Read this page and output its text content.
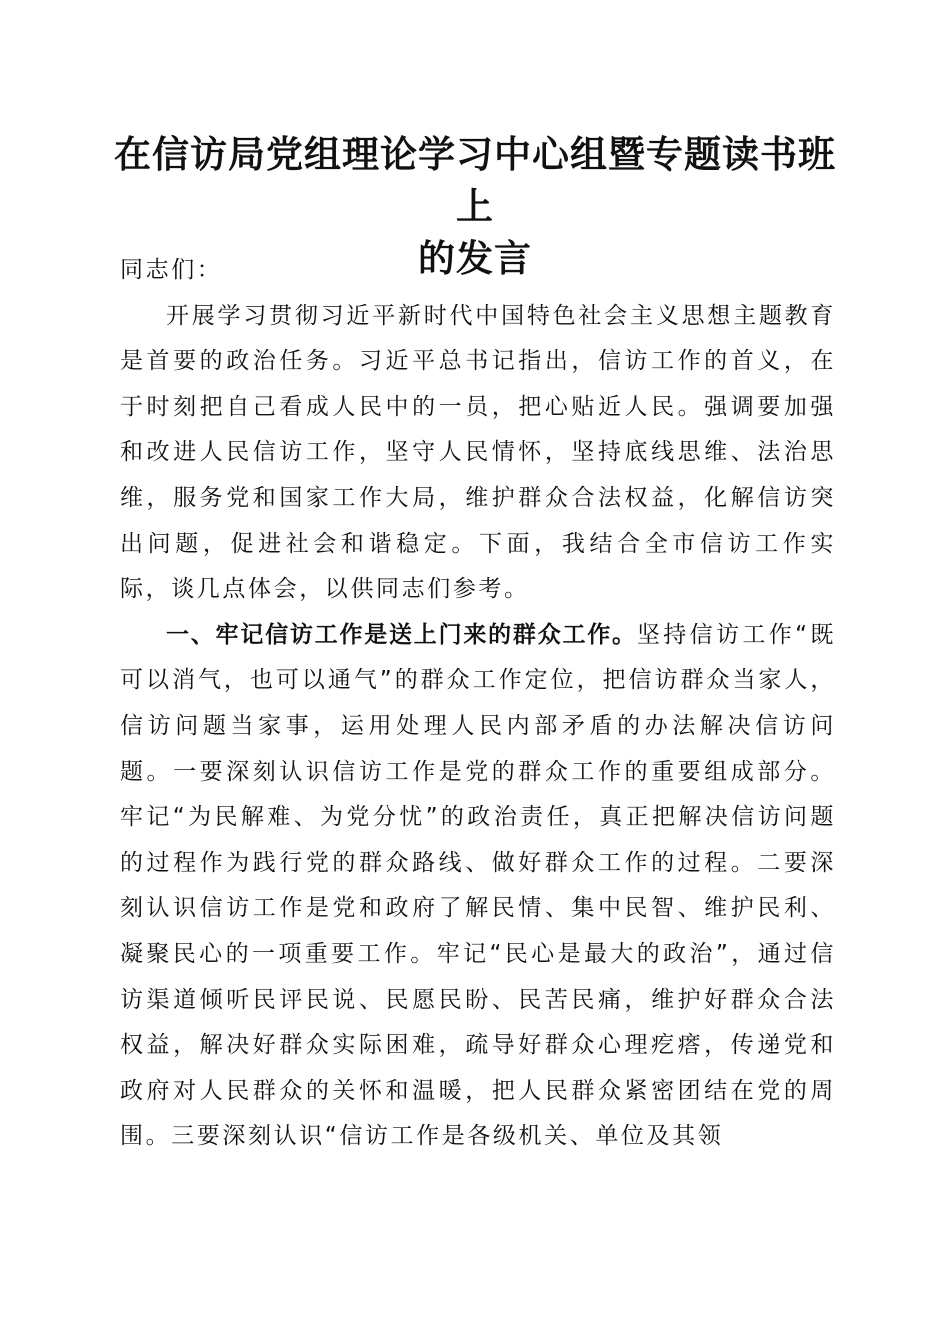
在信访局党组理论学习中心组暨专题读书班上
的发言

同志们：

开展学习贯彻习近平新时代中国特色社会主义思想主题教育是首要的政治任务。习近平总书记指出，信访工作的首义，在于时刻把自己看成人民中的一员，把心贴近人民。强调要加强和改进人民信访工作，坚守人民情怀，坚持底线思维、法治思维，服务党和国家工作大局，维护群众合法权益，化解信访突出问题，促进社会和谐稳定。下面，我结合全市信访工作实际，谈几点体会，以供同志们参考。

一、牢记信访工作是送上门来的群众工作。坚持信访工作“既可以消气，也可以通气”的群众工作定位，把信访群众当家人，信访问题当家事，运用处理人民内部矛盾的办法解决信访问题。一要深刻认识信访工作是党的群众工作的重要组成部分。牢记“为民解难、为党分忧”的政治责任，真正把解决信访问题的过程作为践行党的群众路线、做好群众工作的过程。二要深刻认识信访工作是党和政府了解民情、集中民智、维护民利、凝聚民心的一项重要工作。牢记“民心是最大的政治”，通过信访渠道倾听民评民说、民愿民盼、民苦民痛，维护好群众合法权益，解决好群众实际困难，疏导好群众心理疙瘩，传递党和政府对人民群众的关怀和温暖，把人民群众紧密团结在党的周围。三要深刻认识“信访工作是各级机关、单位及其领
